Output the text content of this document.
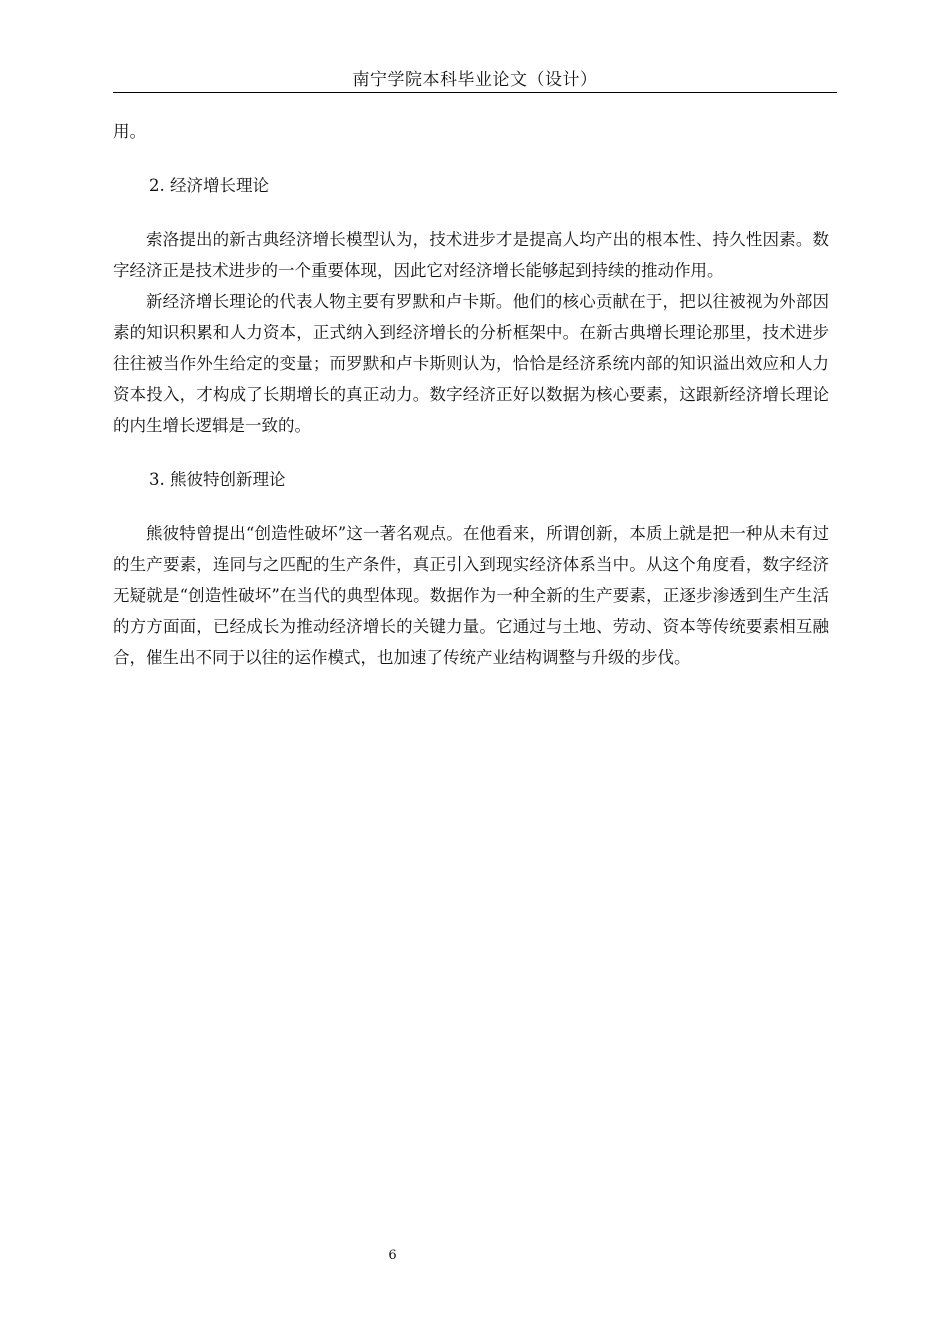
南宁学院本科毕业论文（设计）

用。

2. 经济增长理论

索洛提出的新古典经济增长模型认为，技术进步才是提高人均产出的根本性、持久性因素。数字经济正是技术进步的一个重要体现，因此它对经济增长能够起到持续的推动作用。

新经济增长理论的代表人物主要有罗默和卢卡斯。他们的核心贡献在于，把以往被视为外部因素的知识积累和人力资本，正式纳入到经济增长的分析框架中。在新古典增长理论那里，技术进步往往被当作外生给定的变量；而罗默和卢卡斯则认为，恰恰是经济系统内部的知识溢出效应和人力资本投入，才构成了长期增长的真正动力。数字经济正好以数据为核心要素，这跟新经济增长理论的内生增长逻辑是一致的。

3. 熊彼特创新理论

熊彼特曾提出“创造性破坏”这一著名观点。在他看来，所谓创新，本质上就是把一种从未有过的生产要素，连同与之匹配的生产条件，真正引入到现实经济体系当中。从这个角度看，数字经济无疑就是“创造性破坏”在当代的典型体现。数据作为一种全新的生产要素，正逐步渗透到生产生活的方方面面，已经成长为推动经济增长的关键力量。它通过与土地、劳动、资本等传统要素相互融合，催生出不同于以往的运作模式，也加速了传统产业结构调整与升级的步伐。

6
